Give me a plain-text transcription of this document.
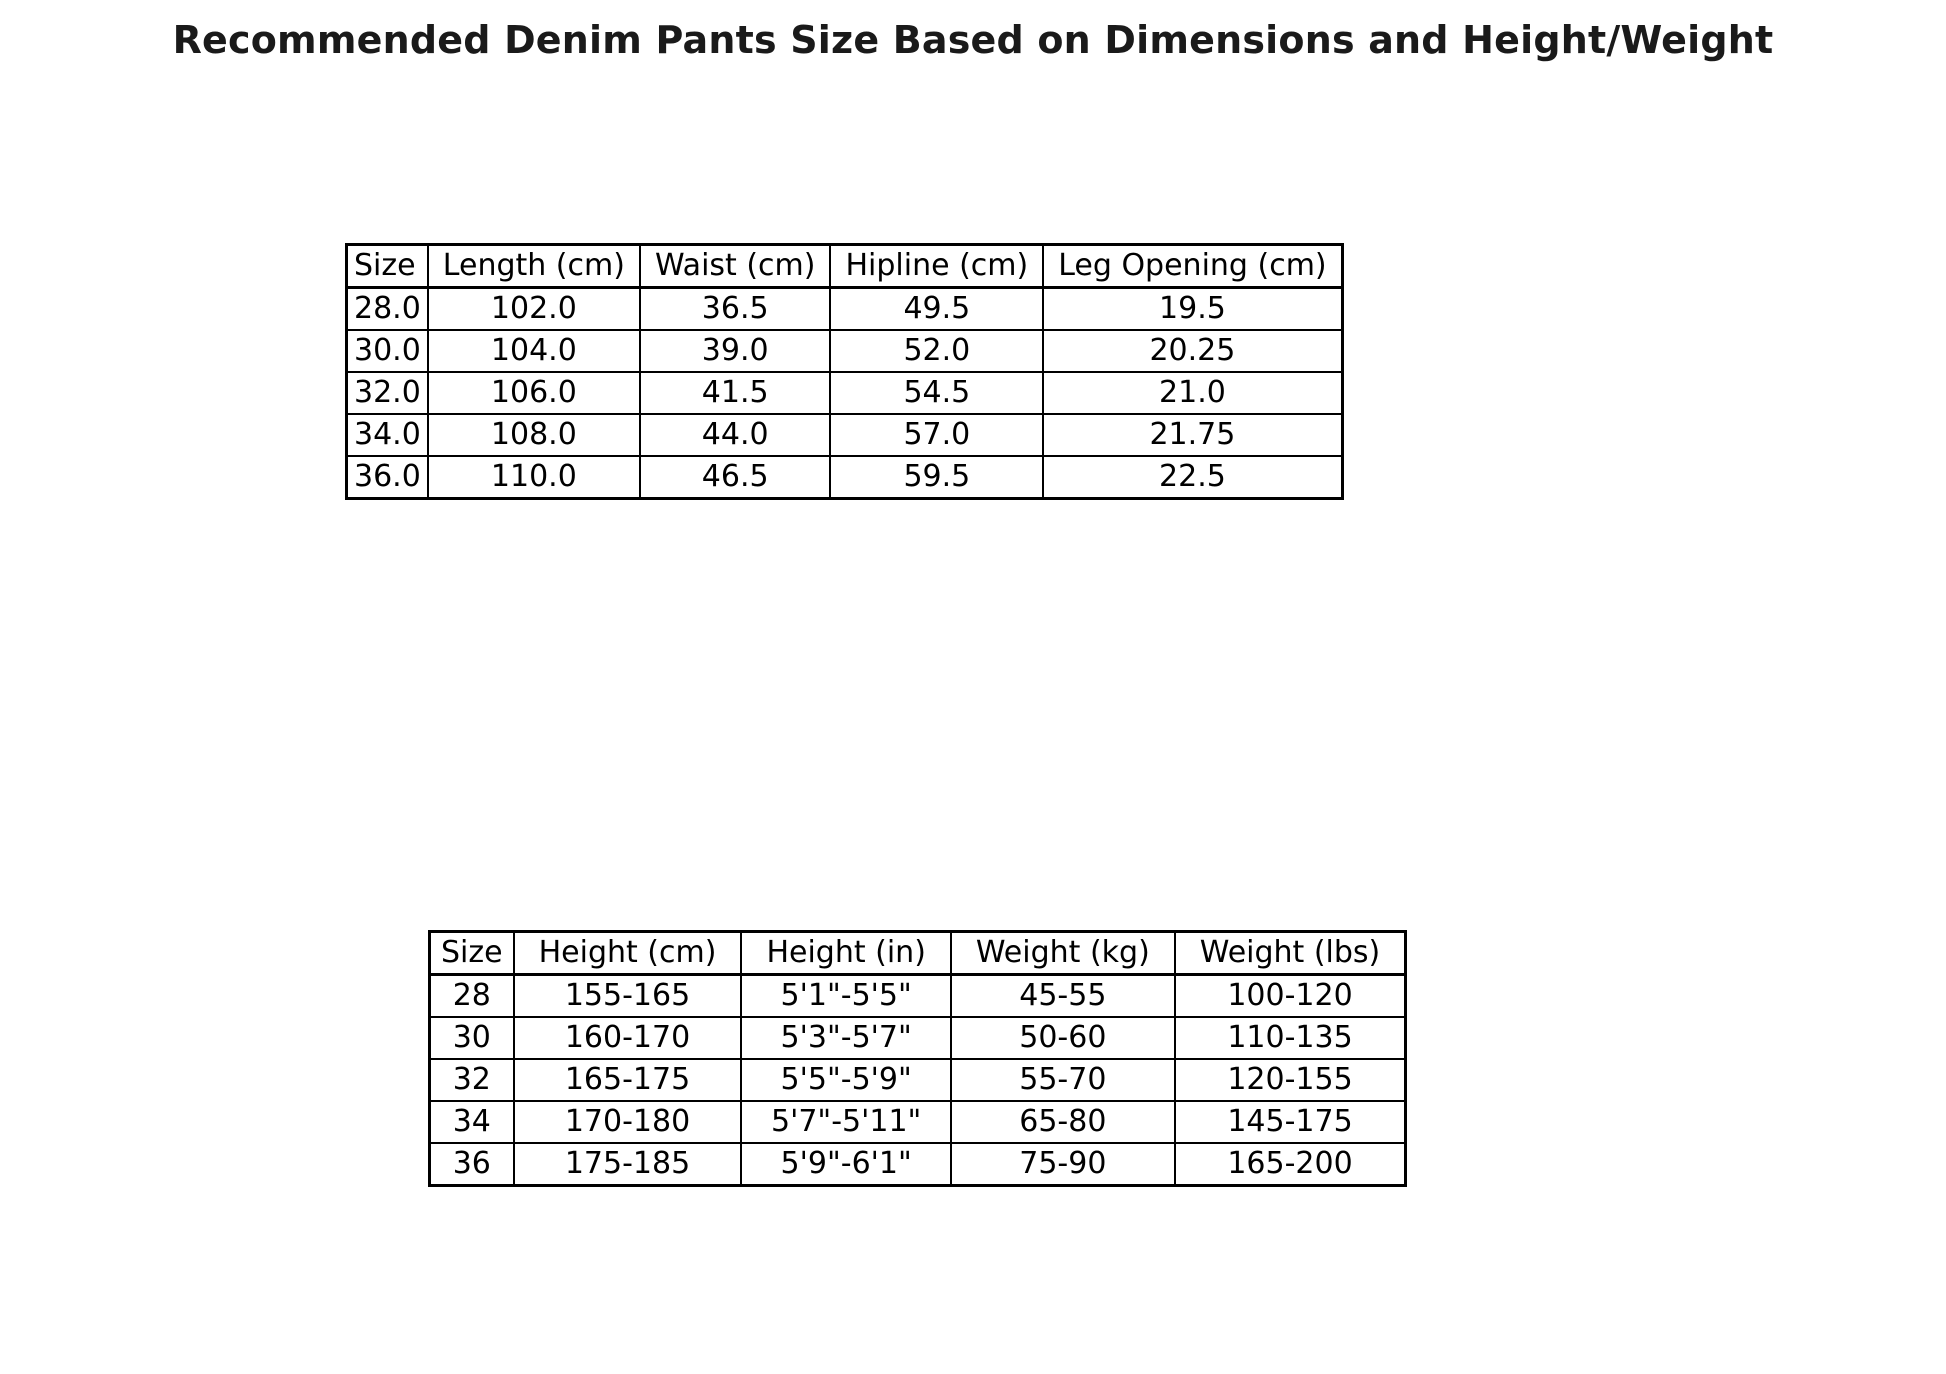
Recommended Denim Pants Size Based on Dimensions and Height/Weight
Size	Length (cm)	Waist (cm)	Hipline (cm)	Leg Opening (cm)
28.0	102.0	36.5	49.5	19.5
30.0	104.0	39.0	52.0	20.25
32.0	106.0	41.5	54.5	21.0
34.0	108.0	44.0	57.0	21.75
36.0	110.0	46.5	59.5	22.5
Size	Height (cm)	Height (in)	Weight (kg)	Weight (lbs)
28	155-165	5'1"-5'5"	45-55	100-120
30	160-170	5'3"-5'7"	50-60	110-135
32	165-175	5'5"-5'9"	55-70	120-155
34	170-180	5'7"-5'11"	65-80	145-175
36	175-185	5'9"-6'1"	75-90	165-200
